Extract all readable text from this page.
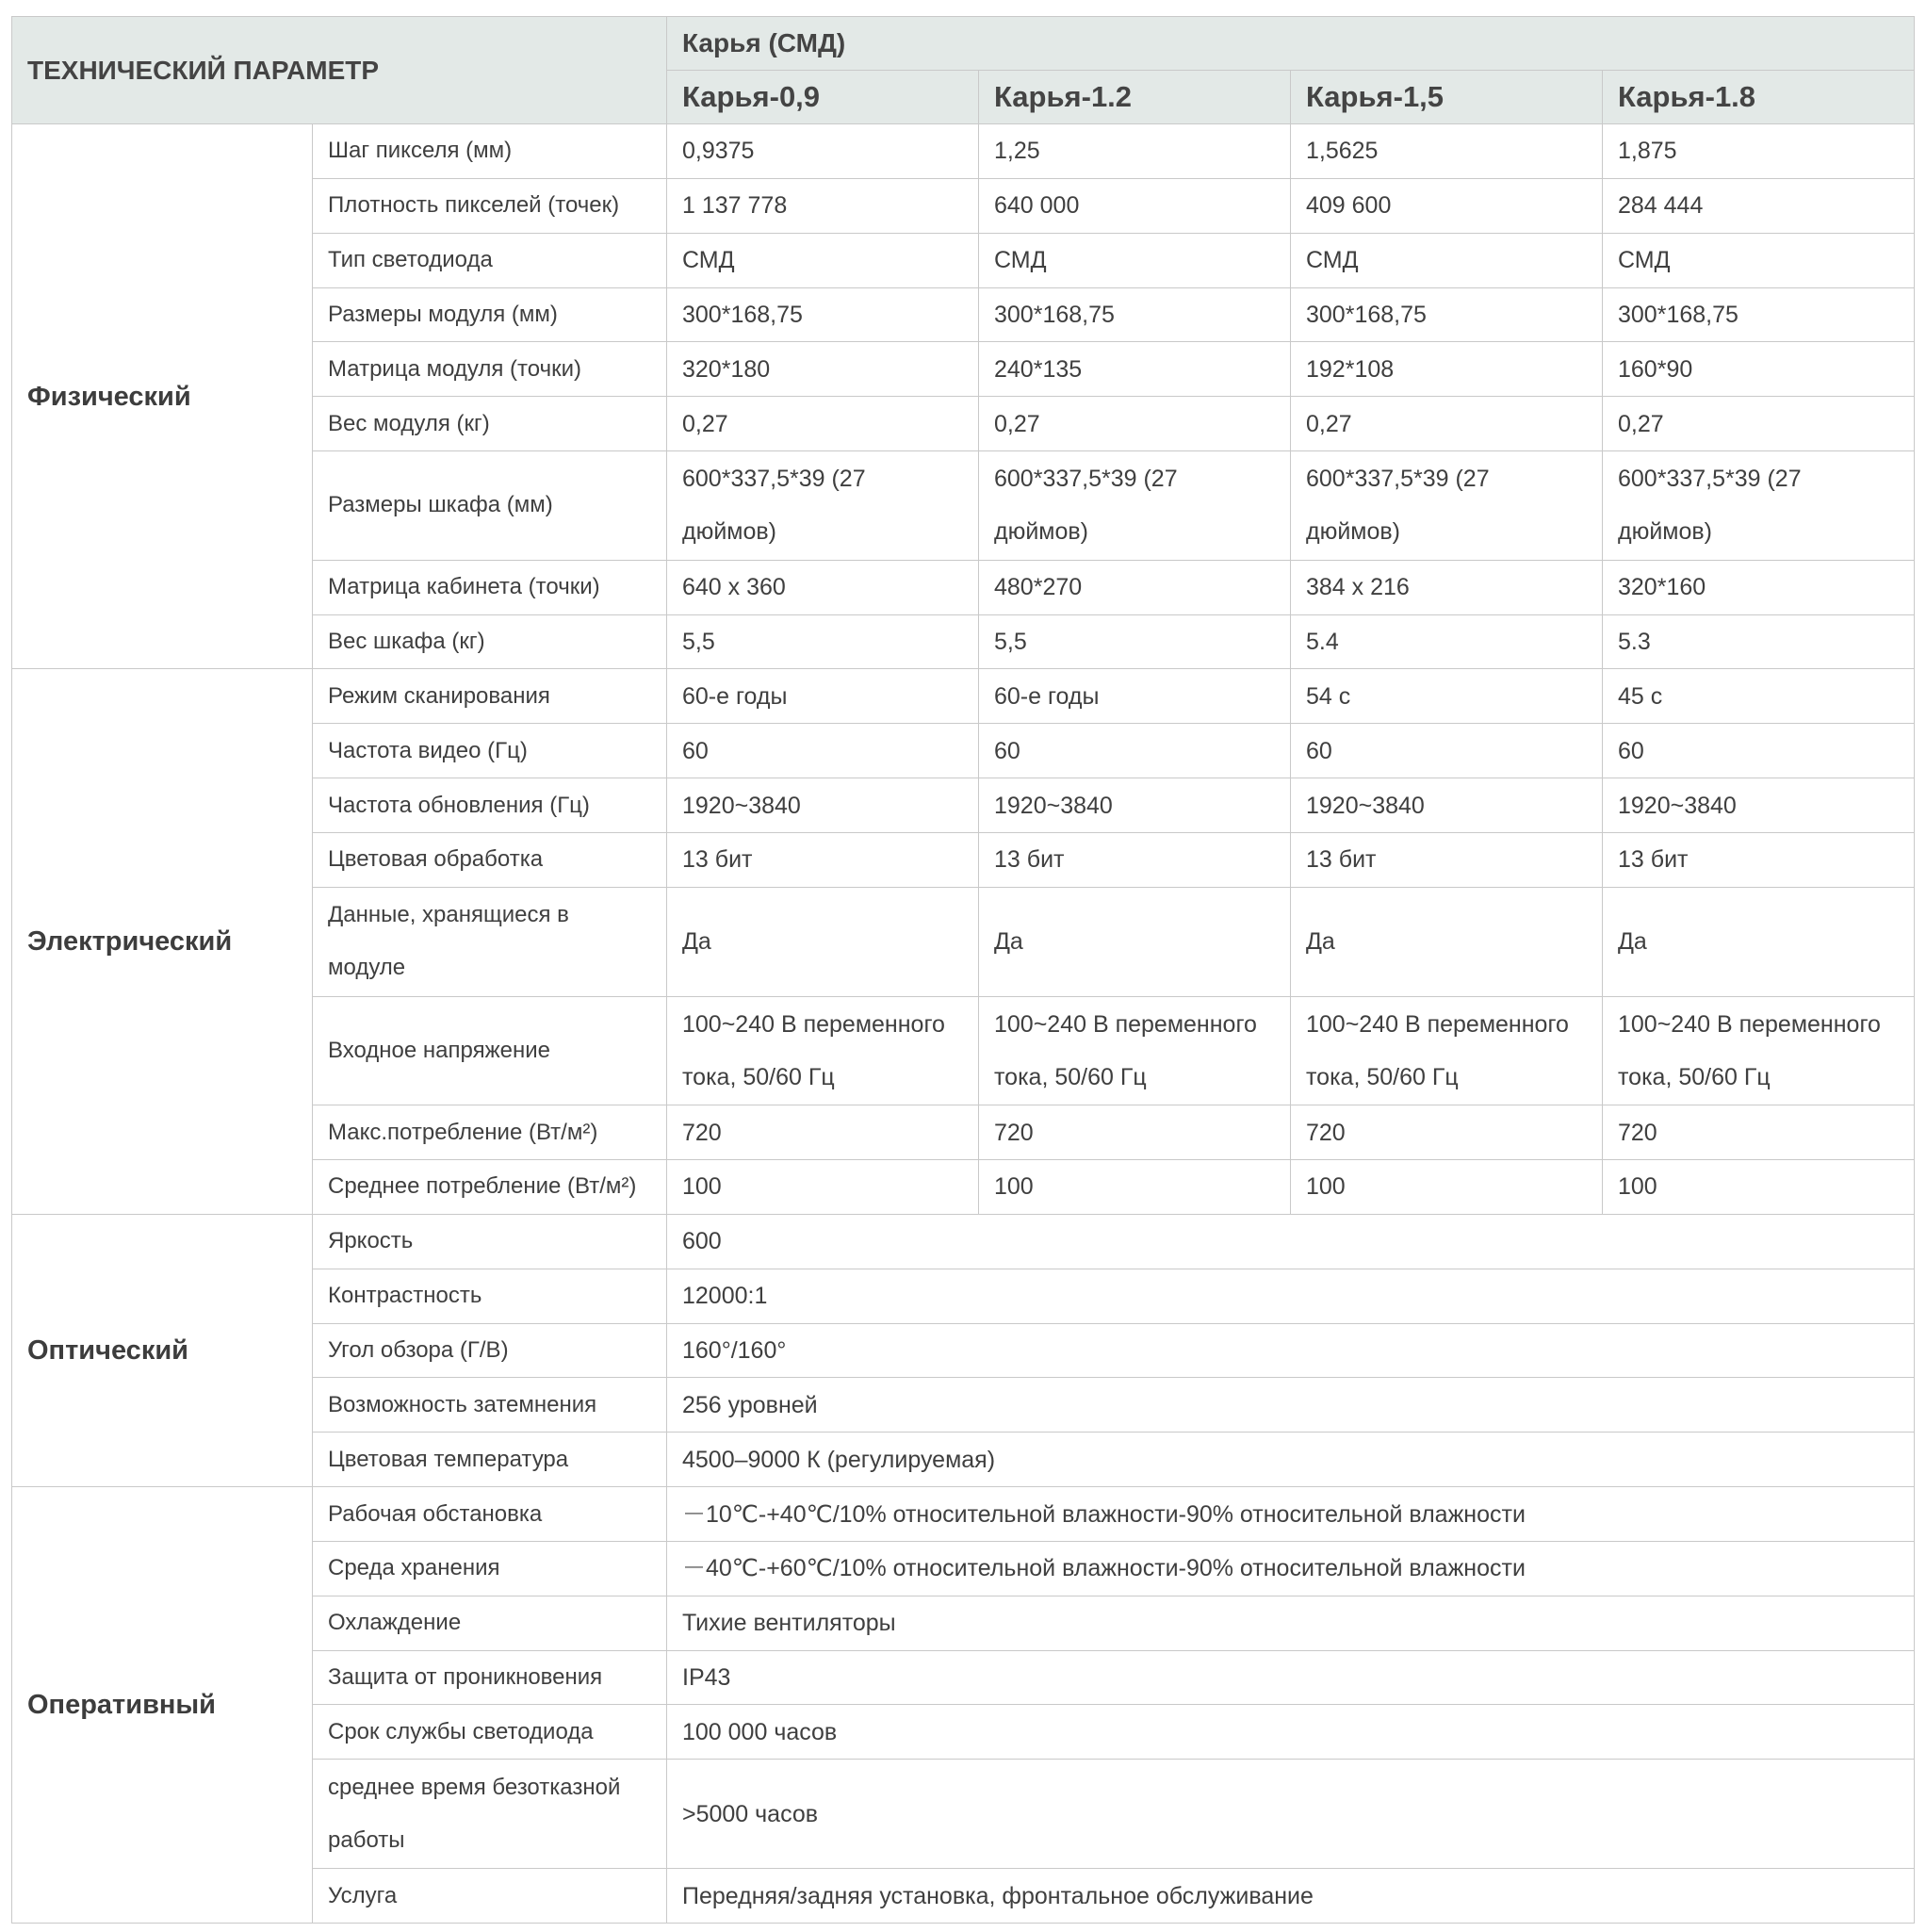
ТЕХНИЧЕСКИЙ ПАРАМЕТР		Карья (СМД)			
		Карья-0,9	Карья-1.2	Карья-1,5	Карья-1.8
Физический	Шаг пикселя (мм)	0,9375	1,25	1,5625	1,875
	Плотность пикселей (точек)	1 137 778	640 000	409 600	284 444
	Тип светодиода	СМД	СМД	СМД	СМД
	Размеры модуля (мм)	300*168,75	300*168,75	300*168,75	300*168,75
	Матрица модуля (точки)	320*180	240*135	192*108	160*90
	Вес модуля (кг)	0,27	0,27	0,27	0,27
	Размеры шкафа (мм)	600*337,5*39 (27 дюймов)	600*337,5*39 (27 дюймов)	600*337,5*39 (27 дюймов)	600*337,5*39 (27 дюймов)
	Матрица кабинета (точки)	640 x 360	480*270	384 x 216	320*160
	Вес шкафа (кг)	5,5	5,5	5.4	5.3
Электрический	Режим сканирования	60-е годы	60-е годы	54 с	45 с
	Частота видео (Гц)	60	60	60	60
	Частота обновления (Гц)	1920~3840	1920~3840	1920~3840	1920~3840
	Цветовая обработка	13 бит	13 бит	13 бит	13 бит
	Данные, хранящиеся в модуле	Да	Да	Да	Да
	Входное напряжение	100~240 В переменного тока, 50/60 Гц	100~240 В переменного тока, 50/60 Гц	100~240 В переменного тока, 50/60 Гц	100~240 В переменного тока, 50/60 Гц
	Макс.потребление (Вт/м²)	720	720	720	720
	Среднее потребление (Вт/м²)	100	100	100	100
Оптический	Яркость	600			
	Контрастность	12000:1			
	Угол обзора (Г/В)	160°/160°			
	Возможность затемнения	256 уровней			
	Цветовая температура	4500–9000 К (регулируемая)			
Оперативный	Рабочая обстановка	－10℃-+40℃/10% относительной влажности-90% относительной влажности			
	Среда хранения	－40℃-+60℃/10% относительной влажности-90% относительной влажности			
	Охлаждение	Тихие вентиляторы			
	Защита от проникновения	IP43			
	Срок службы светодиода	100 000 часов			
	среднее время безотказной работы	>5000 часов			
	Услуга	Передняя/задняя установка, фронтальное обслуживание			
